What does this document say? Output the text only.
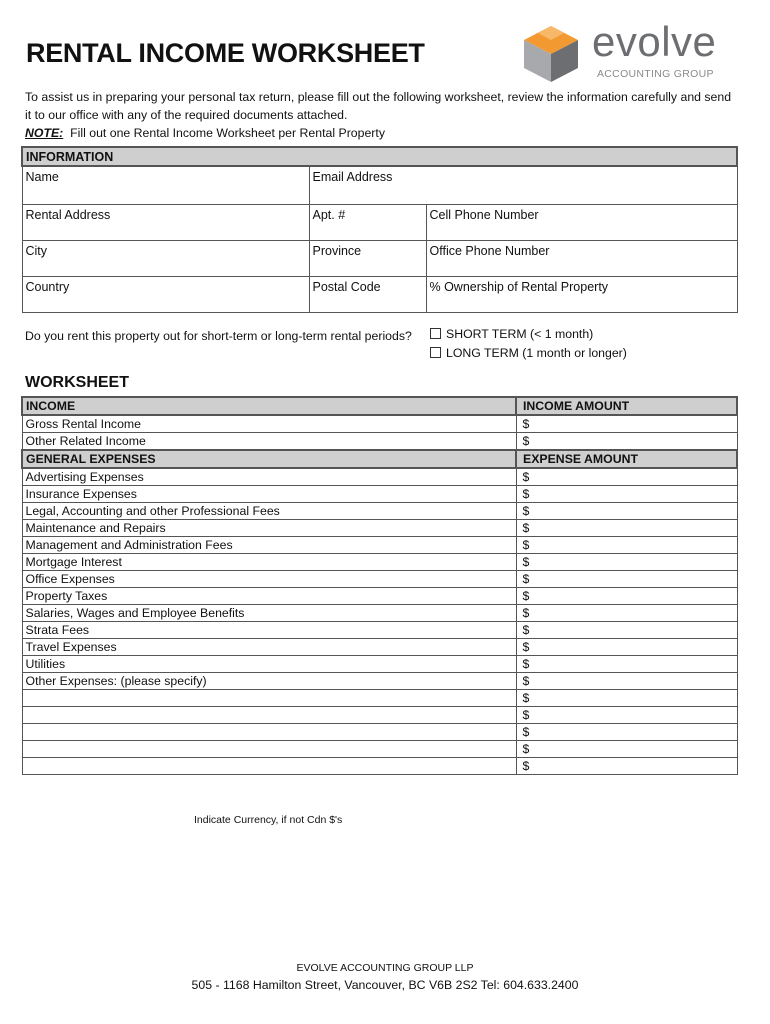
RENTAL INCOME WORKSHEET	evolve
ACCOUNTING GROUP
To assist us in preparing your personal tax return, please fill out the following worksheet, review the information carefully and send it to our office with any of the required documents attached.
NOTE: Fill out one Rental Income Worksheet per Rental Property
INFORMATION		
Name	Email Address	
Rental Address	Apt. #	Cell Phone Number
City	Province	Office Phone Number
Country	Postal Code	% Ownership of Rental Property
Do you rent this property out for short-term or long-term rental periods?	SHORT TERM (< 1 month)
LONG TERM (1 month or longer)
WORKSHEET
INCOME	INCOME AMOUNT
Gross Rental Income	$
Other Related Income	$
GENERAL EXPENSES	EXPENSE AMOUNT
Advertising Expenses	$
Insurance Expenses	$
Legal, Accounting and other Professional Fees	$
Maintenance and Repairs	$
Management and Administration Fees	$
Mortgage Interest	$
Office Expenses	$
Property Taxes	$
Salaries, Wages and Employee Benefits	$
Strata Fees	$
Travel Expenses	$
Utilities	$
Other Expenses: (please specify)	$
	$
	$
	$
	$
	$
Indicate Currency, if not Cdn $'s
EVOLVE ACCOUNTING GROUP LLP
505 - 1168 Hamilton Street, Vancouver, BC V6B 2S2 Tel: 604.633.2400
